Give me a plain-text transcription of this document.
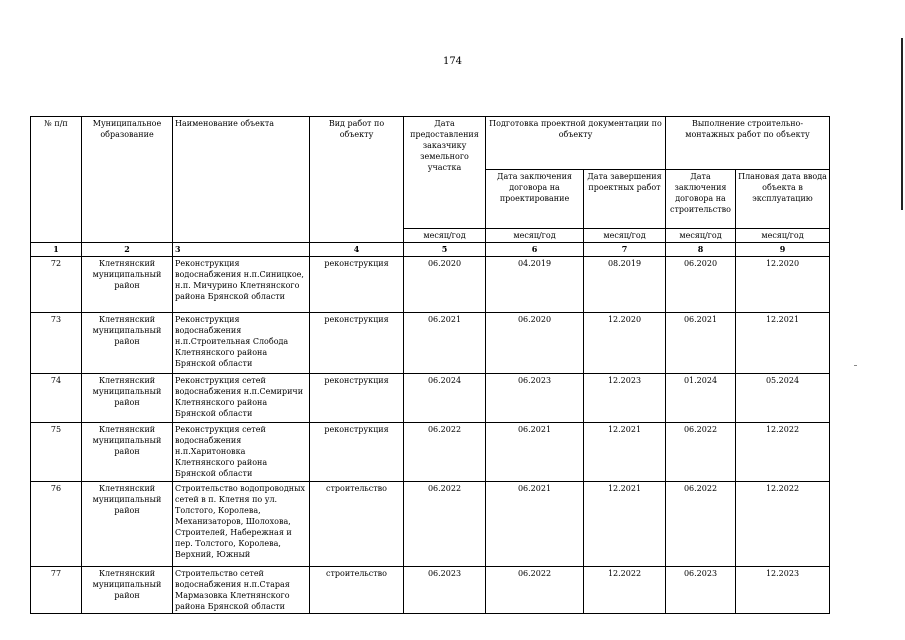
174
№ п/п	Муниципальное образование	Наименование объекта	Вид работ по объекту	Дата предоставления заказчику земельного участка	Подготовка проектной документации по объекту		Выполнение строительно-монтажных работ по объекту	
					Дата заключения договора на проектирование	Дата завершения проектных работ	Дата заключения договора на строительство	Плановая дата ввода объекта в эксплуатацию
				месяц/год	месяц/год	месяц/год	месяц/год	месяц/год
1	2	3	4	5	6	7	8	9
72	Клетнянский муниципальный район	Реконструкция водоснабжения н.п.Синицкое, н.п. Мичурино Клетнянского района Брянской области	реконструкция	06.2020	04.2019	08.2019	06.2020	12.2020
73	Клетнянский муниципальный район	Реконструкция водоснабжения н.п.Строительная Слобода Клетнянского района Брянской области	реконструкция	06.2021	06.2020	12.2020	06.2021	12.2021
74	Клетнянский муниципальный район	Реконструкция сетей водоснабжения н.п.Семиричи Клетнянского района Брянской области	реконструкция	06.2024	06.2023	12.2023	01.2024	05.2024
75	Клетнянский муниципальный район	Реконструкция сетей водоснабжения н.п.Харитоновка Клетнянского района Брянской области	реконструкция	06.2022	06.2021	12.2021	06.2022	12.2022
76	Клетнянский муниципальный район	Строительство водопроводных сетей в п. Клетня по ул. Толстого, Королева, Механизаторов, Шолохова, Строителей, Набережная и пер. Толстого, Королева, Верхний, Южный	строительство	06.2022	06.2021	12.2021	06.2022	12.2022
77	Клетнянский муниципальный район	Строительство сетей водоснабжения н.п.Старая Мармазовка Клетнянского района Брянской области	строительство	06.2023	06.2022	12.2022	06.2023	12.2023
